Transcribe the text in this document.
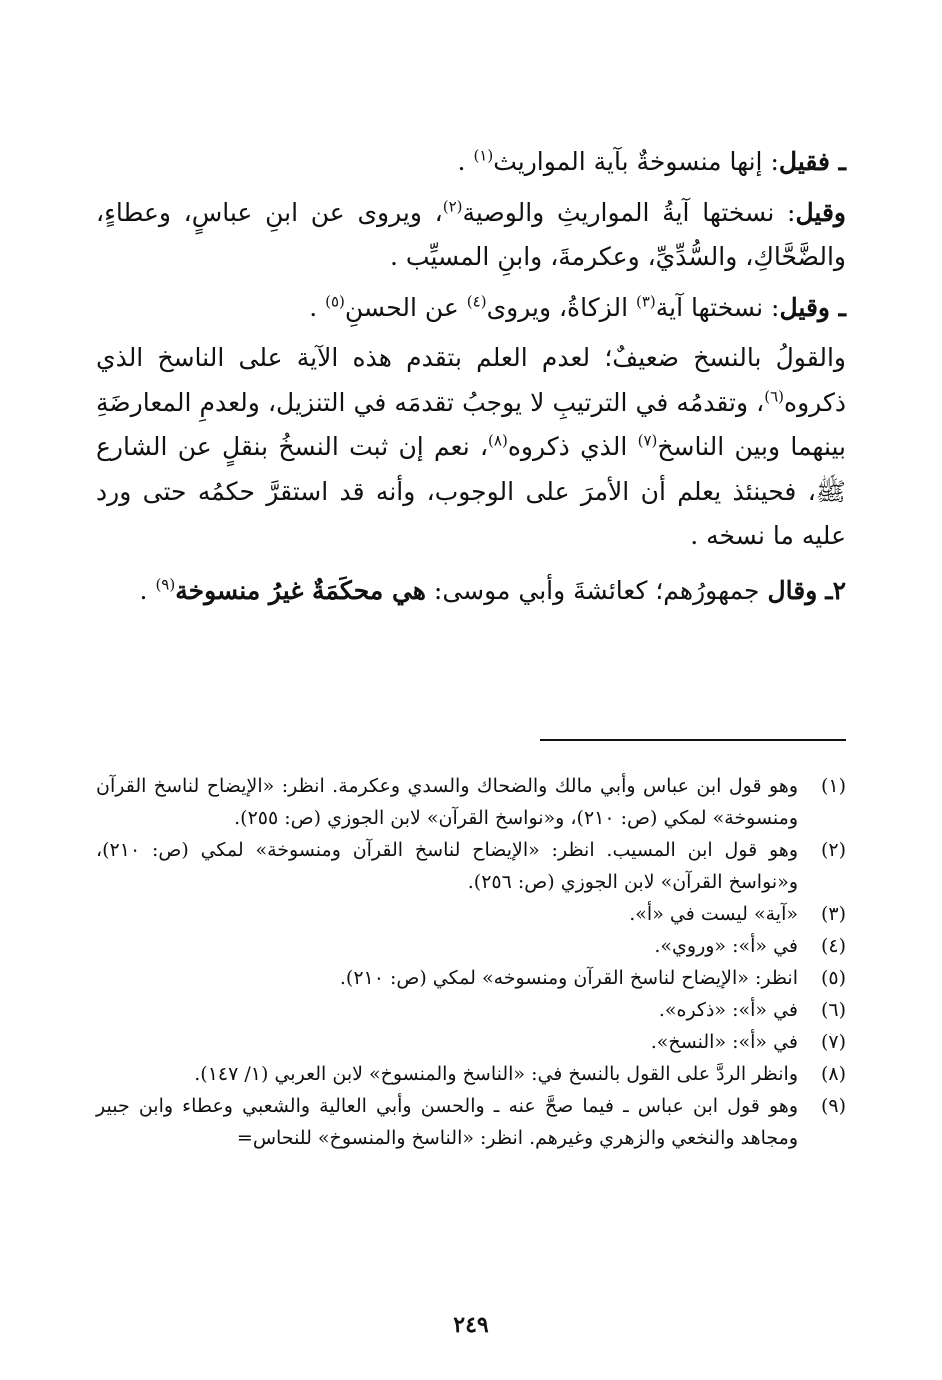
ـ فقيل: إنها منسوخةٌ بآية المواريث$^{(١)}$ .

وقيل: نسختها آيةُ المواريثِ والوصية$^{(٢)}$، ويروى عن ابنِ عباسٍ، وعطاءٍ، والضَّحَّاكِ، والسُّدِّيِّ، وعكرمةَ، وابنِ المسيِّب .

ـ وقيل: نسختها آية$^{(٣)}$ الزكاةُ، ويروى$^{(٤)}$ عن الحسنِ$^{(٥)}$ .

والقولُ بالنسخ ضعيفٌ؛ لعدم العلم بتقدم هذه الآية على الناسخ الذي ذكروه$^{(٦)}$، وتقدمُه في الترتيبِ لا يوجبُ تقدمَه في التنزيل، ولعدمِ المعارضَةِ بينهما وبين الناسخ$^{(٧)}$ الذي ذكروه$^{(٨)}$، نعم إن ثبت النسخُ بنقلٍ عن الشارع ﷺ، فحينئذ يعلم أن الأمرَ على الوجوب، وأنه قد استقرَّ حكمُه حتى ورد عليه ما نسخه .

٢ـ وقال جمهورُهم؛ كعائشةَ وأبي موسى: هي محكَمَةٌ غيرُ منسوخة$^{(٩)}$ .

(١)
وهو قول ابن عباس وأبي مالك والضحاك والسدي وعكرمة. انظر: «الإيضاح لناسخ القرآن ومنسوخة» لمكي (ص: ٢١٠)، و«نواسخ القرآن» لابن الجوزي (ص: ٢٥٥).
(٢)
وهو قول ابن المسيب. انظر: «الإيضاح لناسخ القرآن ومنسوخة» لمكي (ص: ٢١٠)، و«نواسخ القرآن» لابن الجوزي (ص: ٢٥٦).
(٣)
«آية» ليست في «أ».
(٤)
في «أ»: «وروي».
(٥)
انظر: «الإيضاح لناسخ القرآن ومنسوخه» لمكي (ص: ٢١٠).
(٦)
في «أ»: «ذكره».
(٧)
في «أ»: «النسخ».
(٨)
وانظر الردَّ على القول بالنسخ في: «الناسخ والمنسوخ» لابن العربي (١/ ١٤٧).
(٩)
وهو قول ابن عباس ـ فيما صحَّ عنه ـ والحسن وأبي العالية والشعبي وعطاء وابن جبير ومجاهد والنخعي والزهري وغيرهم. انظر: «الناسخ والمنسوخ» للنحاس=
٢٤٩
